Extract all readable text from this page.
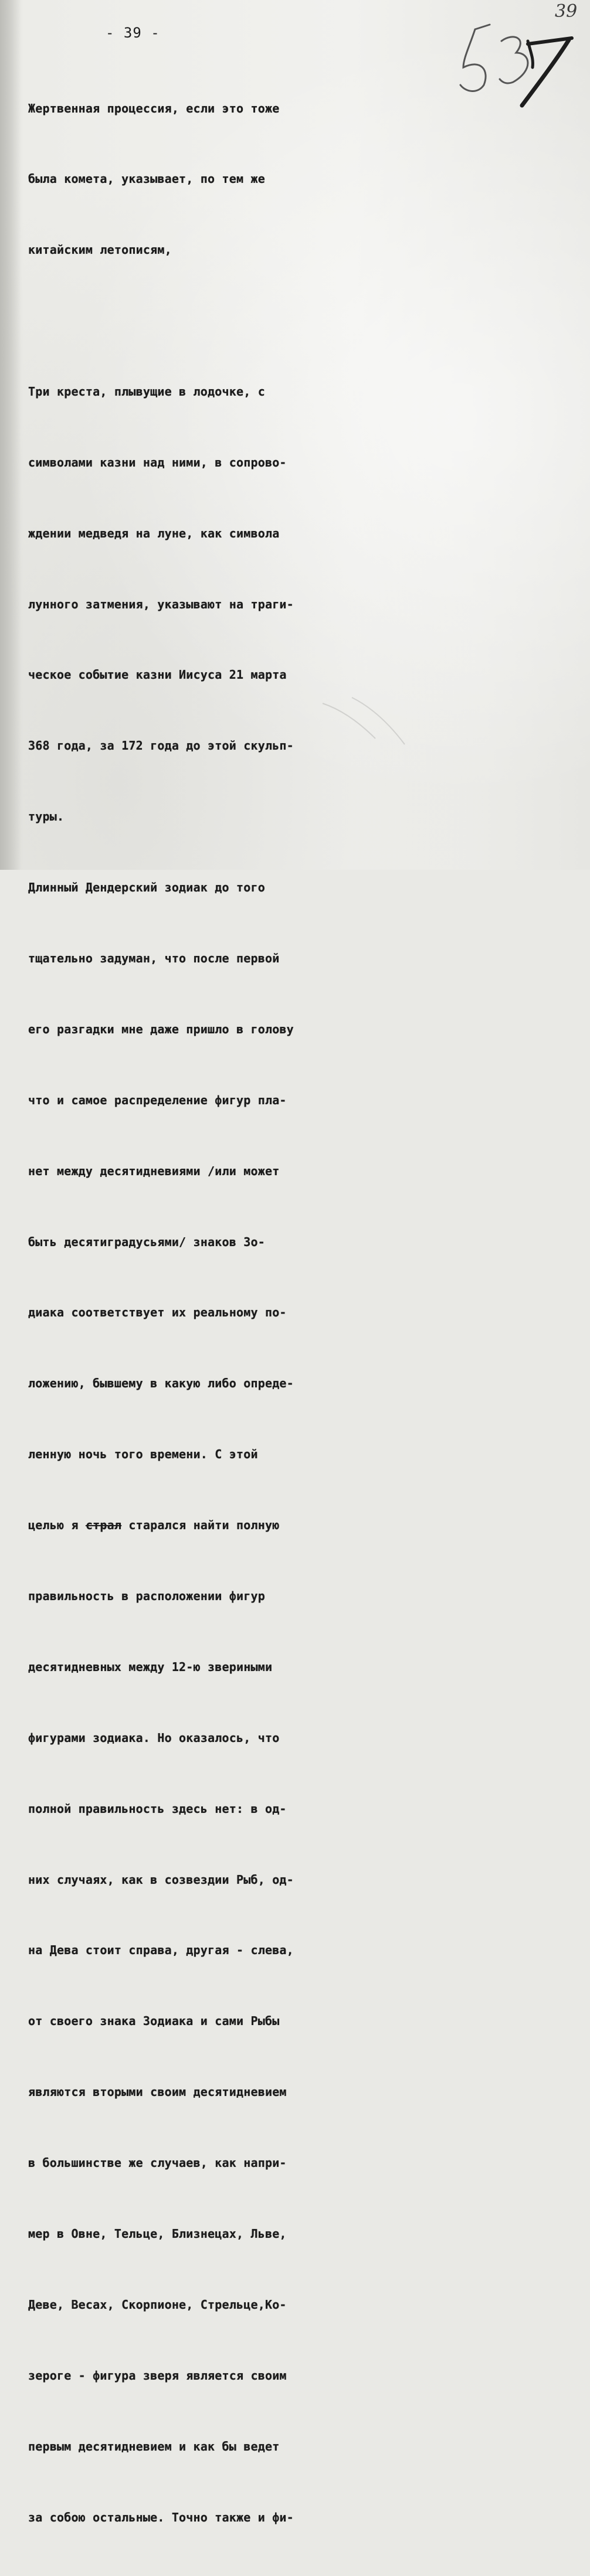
39
- 39 -

Жертвенная процессия, если это тоже

была комета, указывает, по тем же

китайским летописям,

Три креста, плывущие в лодочке, с

символами казни над ними, в сопрово-

ждении медведя на луне, как символа

лунного затмения, указывают на траги-

ческое событие казни Иисуса 21 марта

368 года, за 172 года до этой скульп-

туры.

Длинный Дендерский зодиак до того

тщательно задуман, что после первой

его разгадки мне даже пришло в голову

что и самое распределение фигур пла-

нет между десятидневиями /или может

быть десятиградусьями/ знаков Зо-

диака соответствует их реальному по-

ложению, бывшему в какую либо опреде-

ленную ночь того времени. С этой

целью я страл старался найти полную

правильность в расположении фигур

десятидневных между 12-ю звериными

фигурами зодиака. Но оказалось, что

полной правильность здесь нет: в од-

них случаях, как в созвездии Рыб, од-

на Дева стоит справа, другая - слева,

от своего знака Зодиака и сами Рыбы

являются вторыми своим десятидневием

в большинстве же случаев, как напри-

мер в Овне, Тельце, Близнецах, Льве,

Деве, Весах, Скорпионе, Стрельце,Ко-

зероге - фигура зверя является своим

первым десятидневием и как бы ведет

за собою остальные. Точно также и фи-
